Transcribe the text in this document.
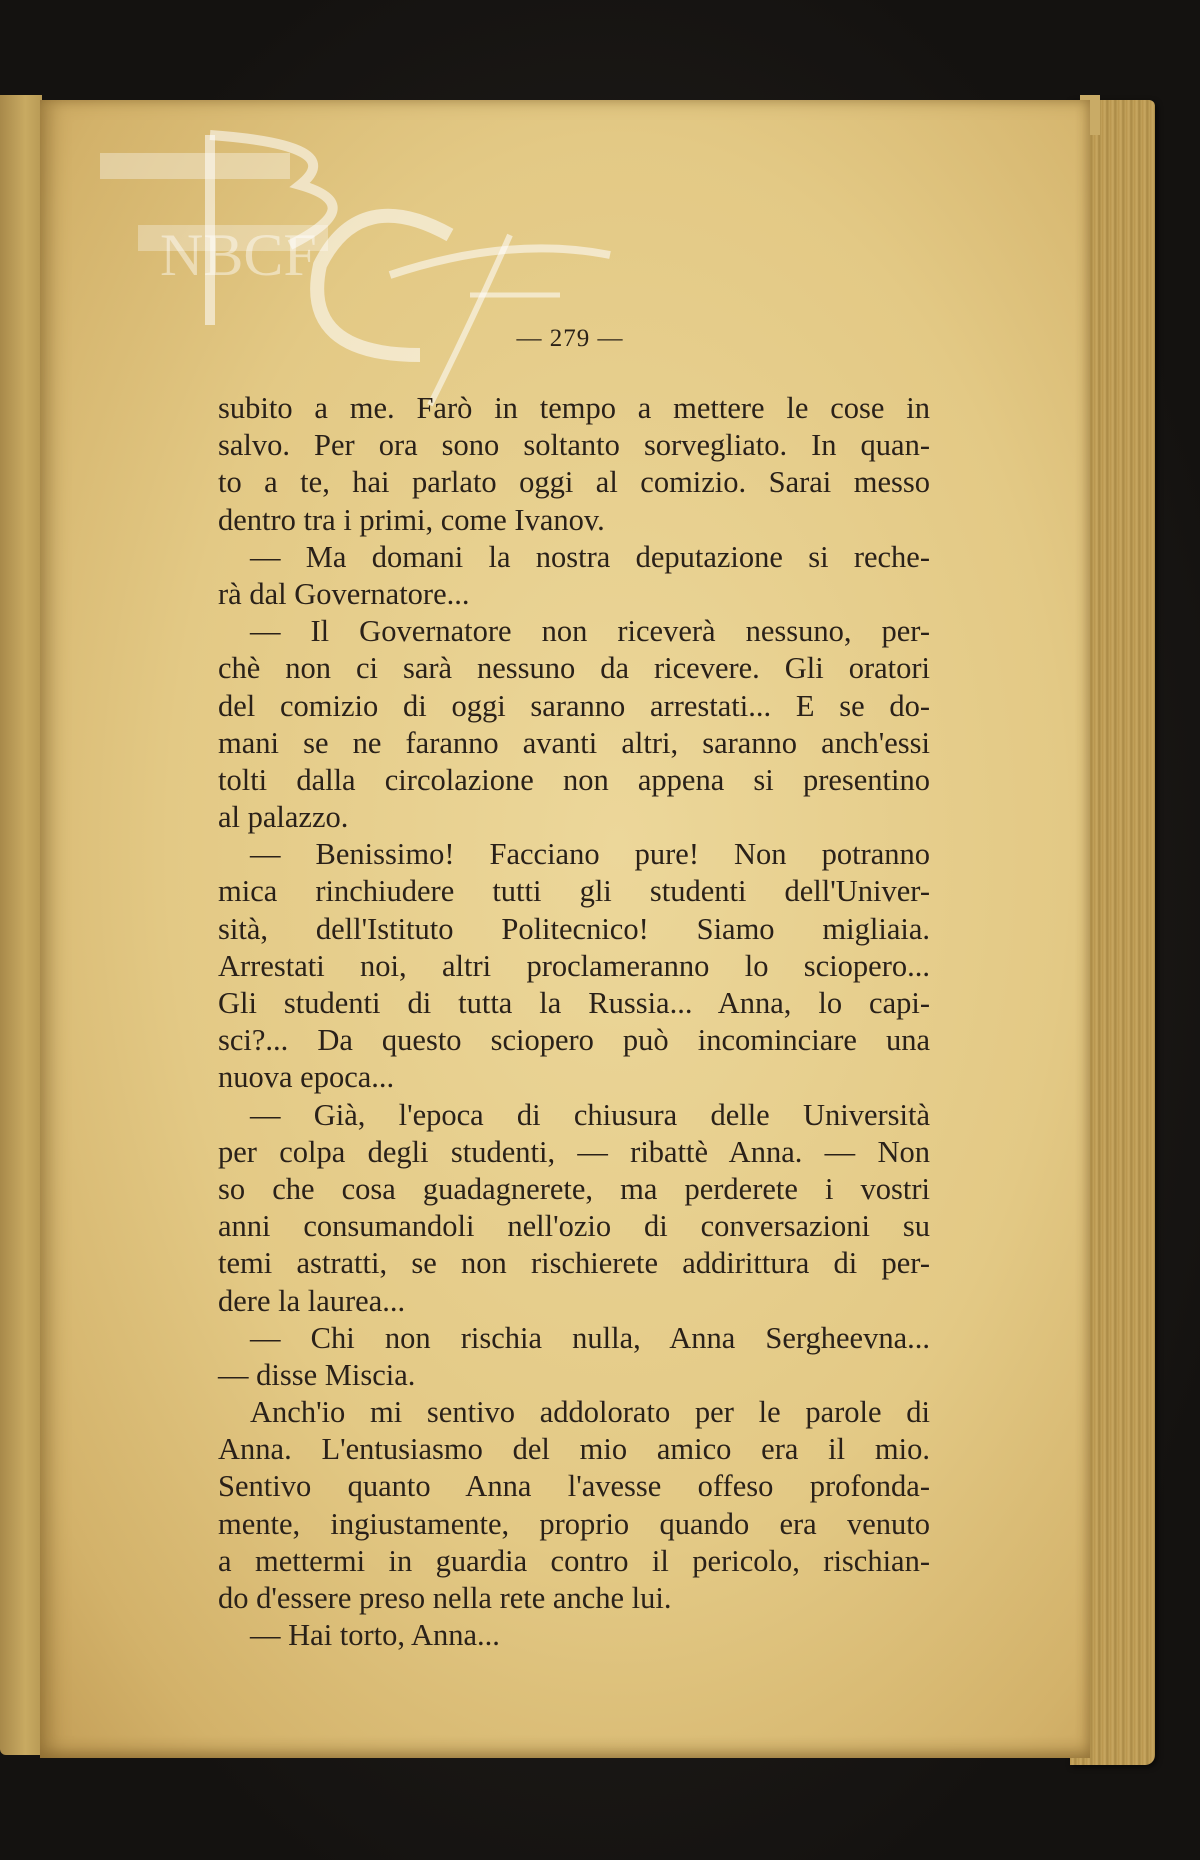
NBCF
— 279 —
subito a me. Farò in tempo a mettere le cose in
salvo. Per ora sono soltanto sorvegliato. In quan-
to a te, hai parlato oggi al comizio. Sarai messo
dentro tra i primi, come Ivanov.
— Ma domani la nostra deputazione si reche-
rà dal Governatore...
— Il Governatore non riceverà nessuno, per-
chè non ci sarà nessuno da ricevere. Gli oratori
del comizio di oggi saranno arrestati... E se do-
mani se ne faranno avanti altri, saranno anch'essi
tolti dalla circolazione non appena si presentino
al palazzo.
— Benissimo! Facciano pure! Non potranno
mica rinchiudere tutti gli studenti dell'Univer-
sità, dell'Istituto Politecnico! Siamo migliaia.
Arrestati noi, altri proclameranno lo sciopero...
Gli studenti di tutta la Russia... Anna, lo capi-
sci?... Da questo sciopero può incominciare una
nuova epoca...
— Già, l'epoca di chiusura delle Università
per colpa degli studenti, — ribattè Anna. — Non
so che cosa guadagnerete, ma perderete i vostri
anni consumandoli nell'ozio di conversazioni su
temi astratti, se non rischierete addirittura di per-
dere la laurea...
— Chi non rischia nulla, Anna Sergheevna...
— disse Miscia.
Anch'io mi sentivo addolorato per le parole di
Anna. L'entusiasmo del mio amico era il mio.
Sentivo quanto Anna l'avesse offeso profonda-
mente, ingiustamente, proprio quando era venuto
a mettermi in guardia contro il pericolo, rischian-
do d'essere preso nella rete anche lui.
— Hai torto, Anna...
